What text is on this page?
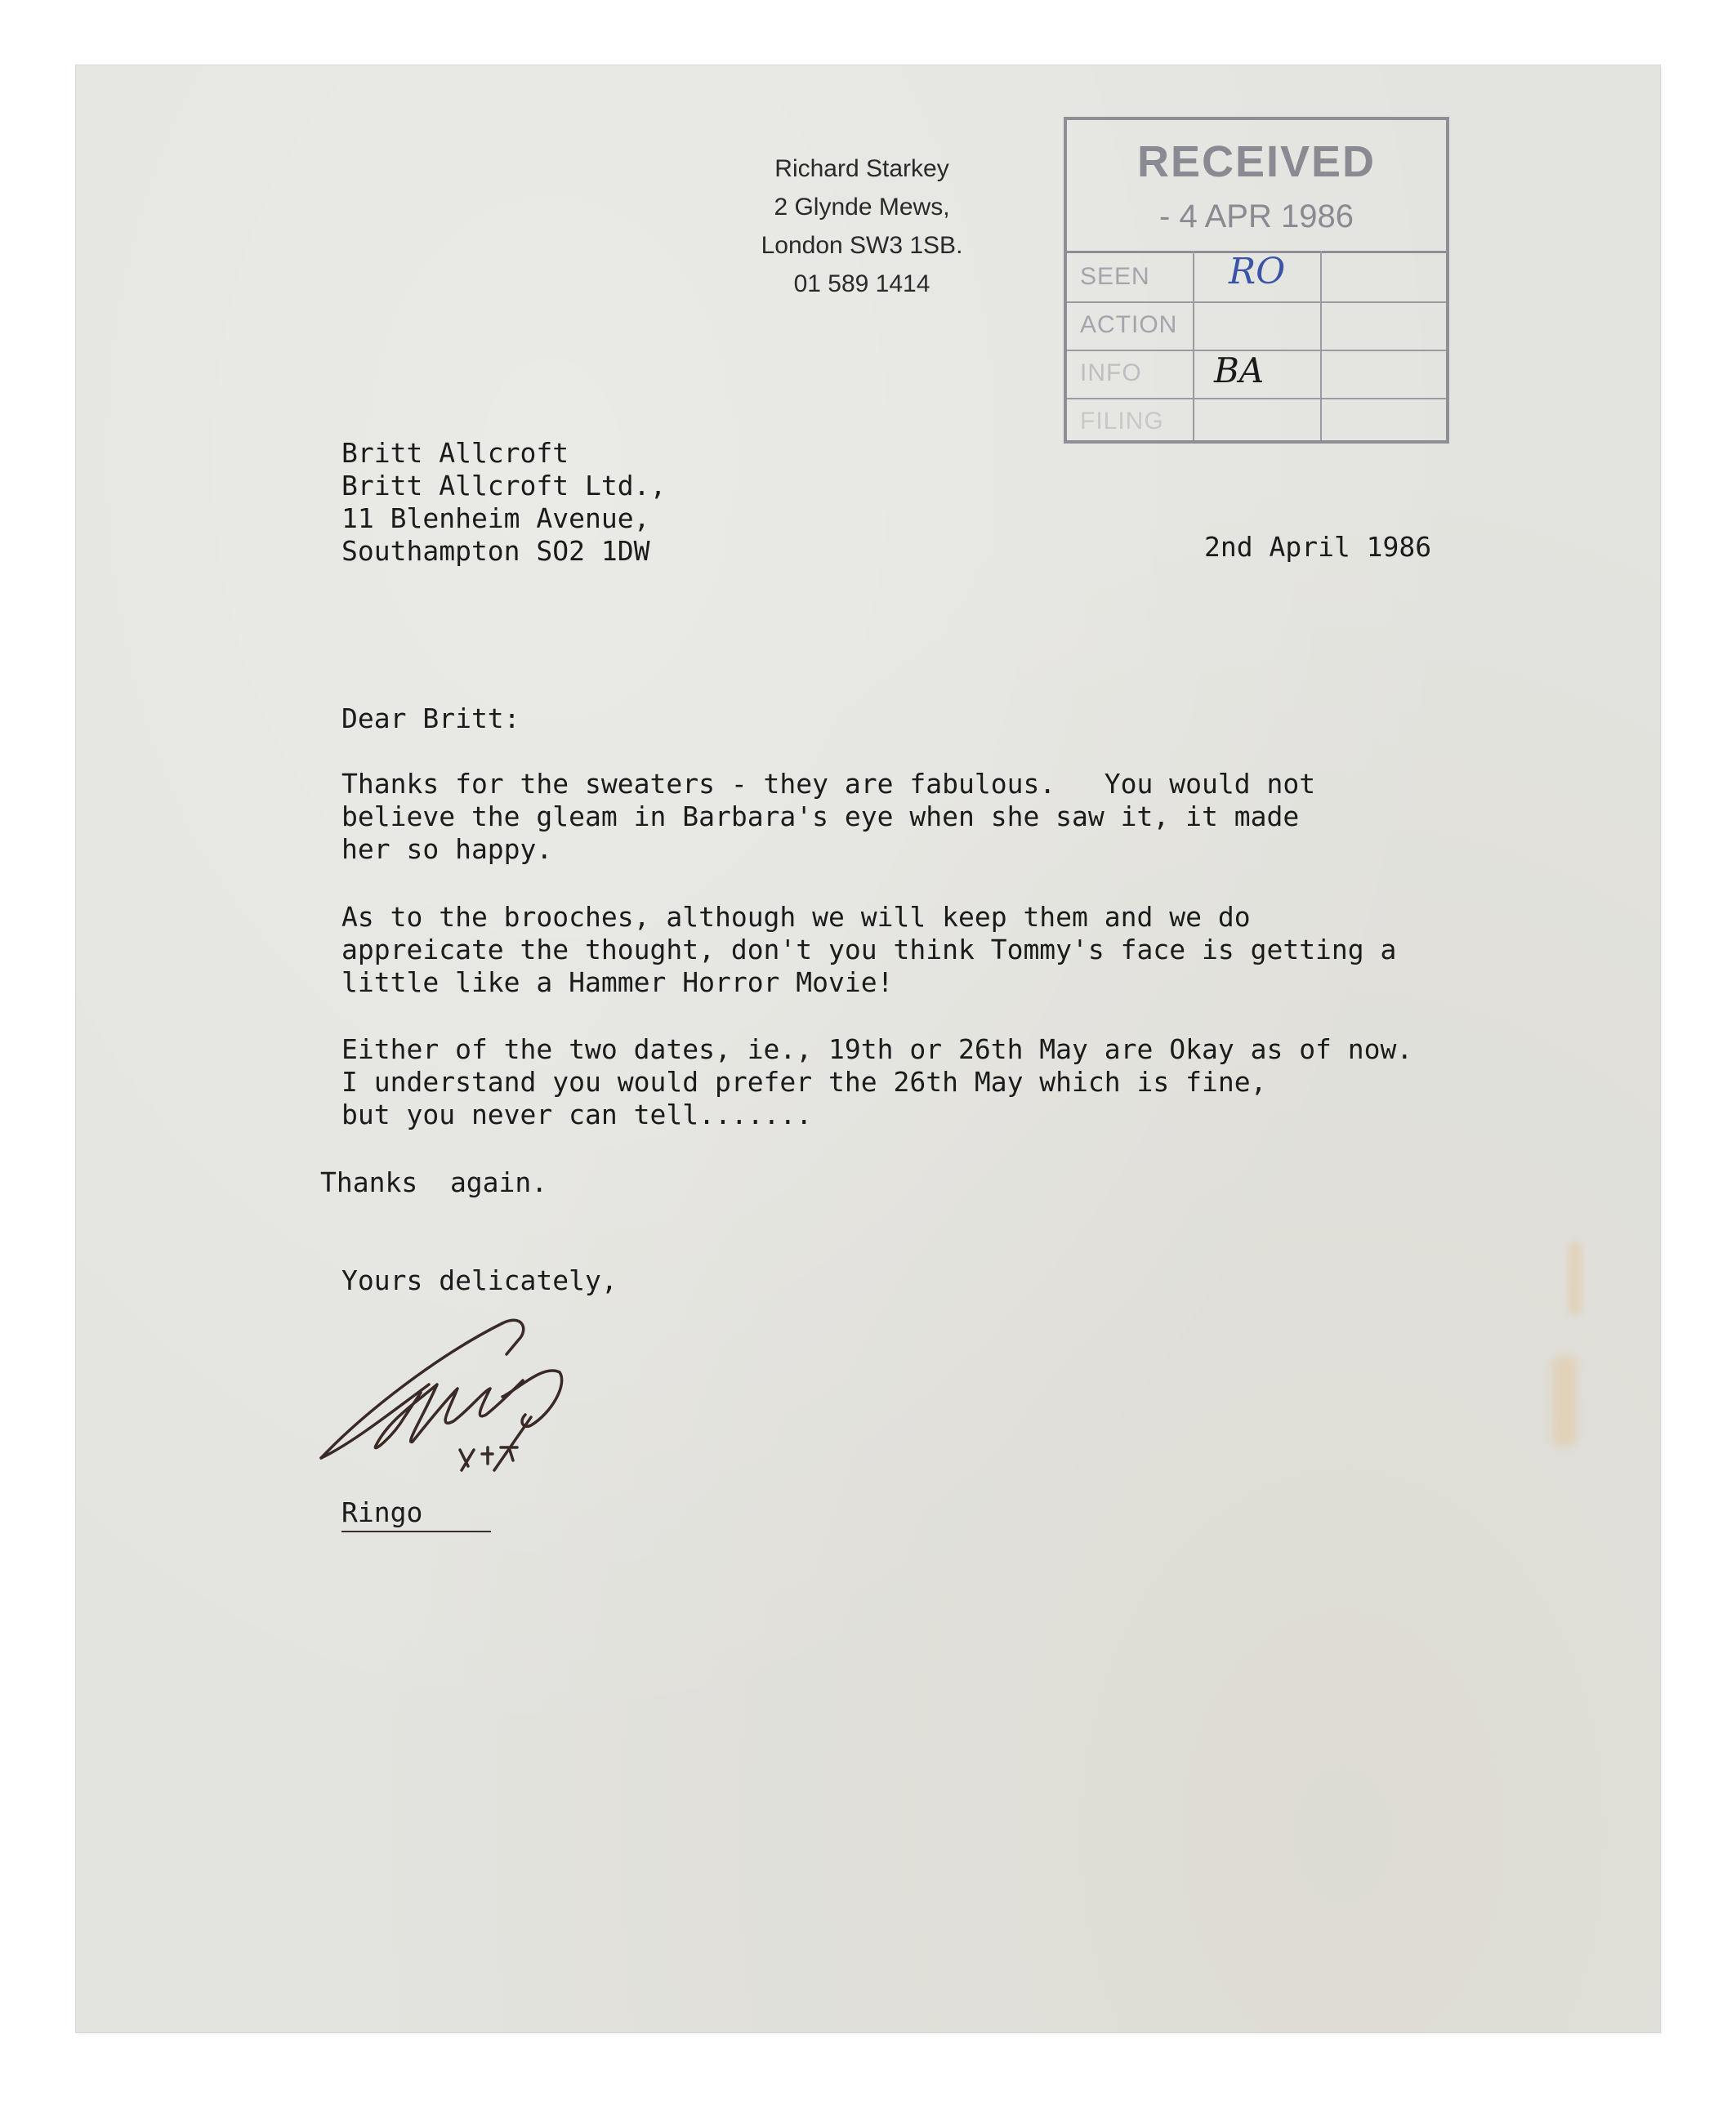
Richard Starkey
2 Glynde Mews,
London SW3 1SB.
01 589 1414
RECEIVED
- 4 APR 1986
SEEN
ACTION
INFO
FILING
RO
BA
Britt Allcroft
Britt Allcroft Ltd.,
11 Blenheim Avenue,
Southampton SO2 1DW	2nd April 1986
Dear Britt:
Thanks for the sweaters - they are fabulous.   You would not
believe the gleam in Barbara's eye when she saw it, it made
her so happy.
As to the brooches, although we will keep them and we do
appreicate the thought, don't you think Tommy's face is getting a
little like a Hammer Horror Movie!
Either of the two dates, ie., 19th or 26th May are Okay as of now.
I understand you would prefer the 26th May which is fine,
but you never can tell.......
Thanks  again.
Yours delicately,
Ringo
